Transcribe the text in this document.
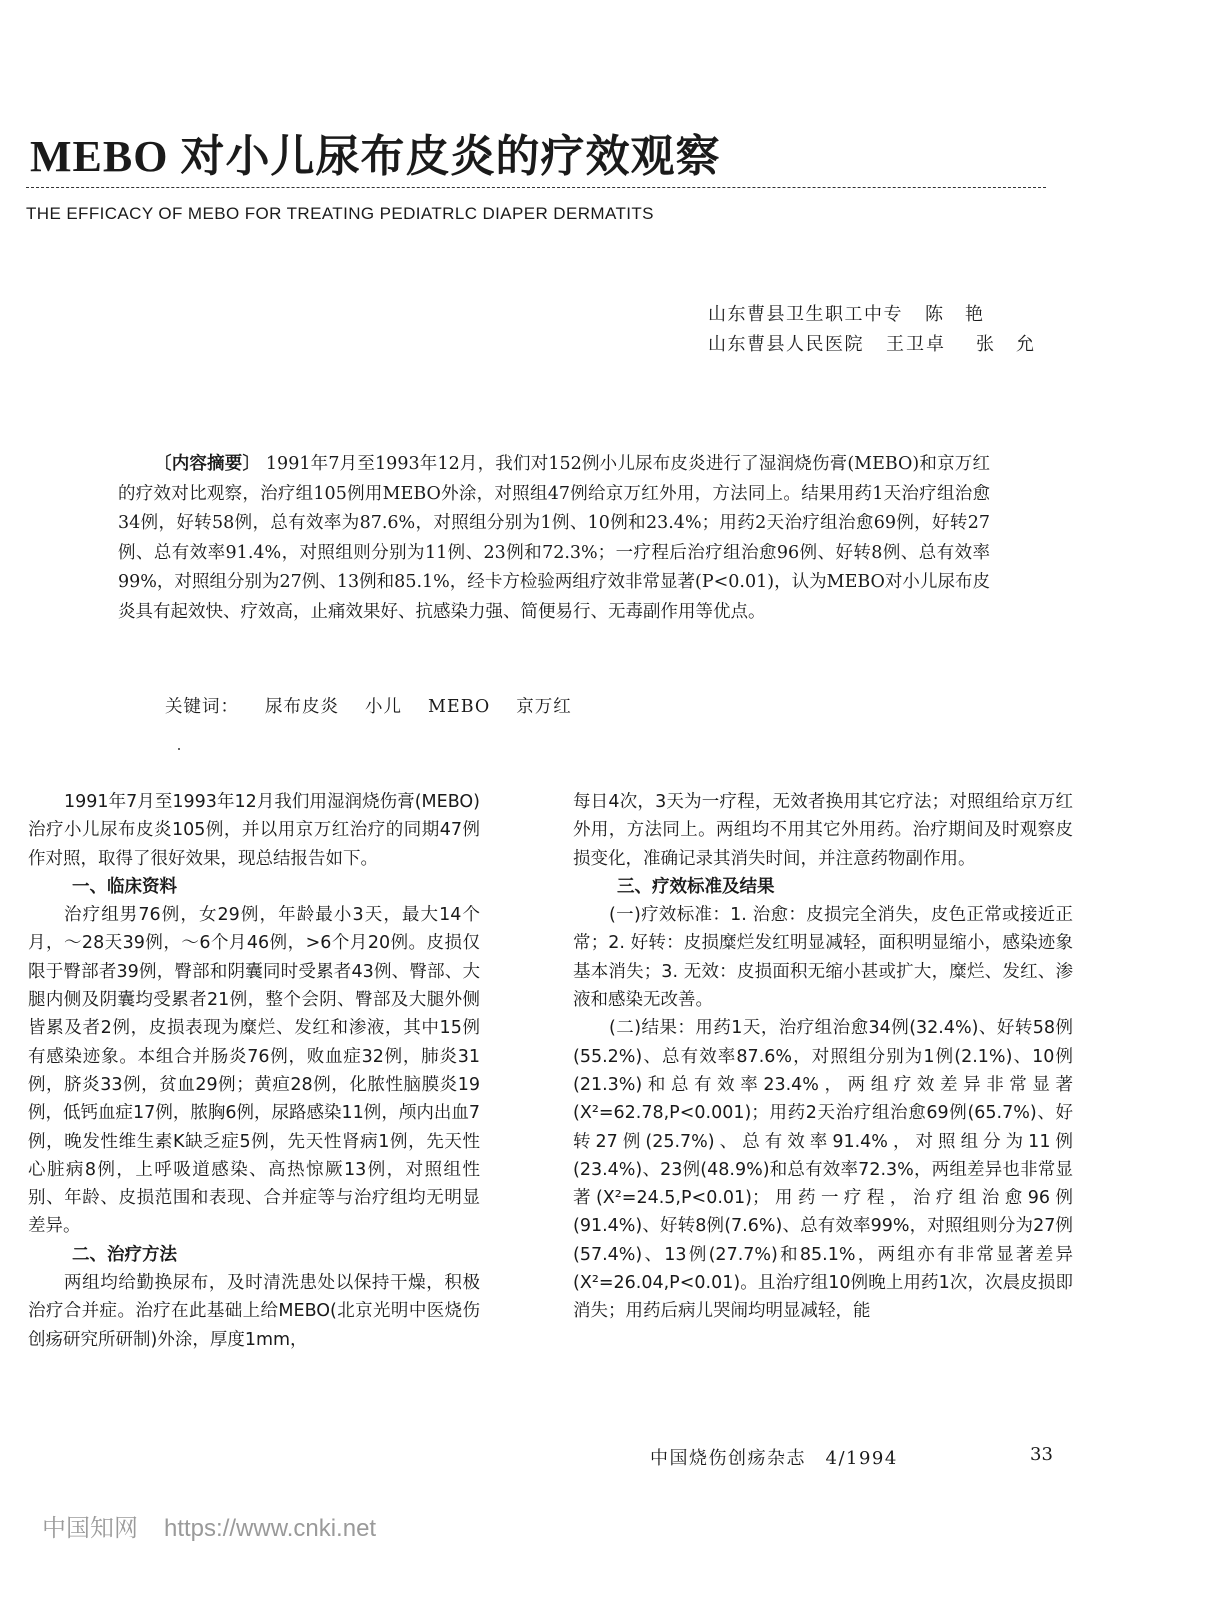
MEBO 对小儿尿布皮炎的疗效观察
THE EFFICACY OF MEBO FOR TREATING PEDIATRLC DIAPER DERMATITS
山东曹县卫生职工中专 陈　艳
山东曹县人民医院 王卫卓 张　允

〔内容摘要〕 1991年7月至1993年12月，我们对152例小儿尿布皮炎进行了湿润烧伤膏(MEBO)和京万红的疗效对比观察，治疗组105例用MEBO外涂，对照组47例给京万红外用，方法同上。结果用药1天治疗组治愈34例，好转58例，总有效率为87.6%，对照组分别为1例、10例和23.4%；用药2天治疗组治愈69例，好转27例、总有效率91.4%，对照组则分别为11例、23例和72.3%；一疗程后治疗组治愈96例、好转8例、总有效率99%，对照组分别为27例、13例和85.1%，经卡方检验两组疗效非常显著(P<0.01)，认为MEBO对小儿尿布皮炎具有起效快、疗效高，止痛效果好、抗感染力强、简便易行、无毒副作用等优点。

关键词： 尿布皮炎 小儿 MEBO 京万红

1991年7月至1993年12月我们用湿润烧伤膏(MEBO)治疗小儿尿布皮炎105例，并以用京万红治疗的同期47例作对照，取得了很好效果，现总结报告如下。

一、临床资料

治疗组男76例，女29例，年龄最小3天，最大14个月，～28天39例，～6个月46例，>6个月20例。皮损仅限于臀部者39例，臀部和阴囊同时受累者43例、臀部、大腿内侧及阴囊均受累者21例，整个会阴、臀部及大腿外侧皆累及者2例，皮损表现为糜烂、发红和渗液，其中15例有感染迹象。本组合并肠炎76例，败血症32例，肺炎31例，脐炎33例，贫血29例；黄疸28例，化脓性脑膜炎19例，低钙血症17例，脓胸6例，尿路感染11例，颅内出血7例，晚发性维生素K缺乏症5例，先天性肾病1例，先天性心脏病8例，上呼吸道感染、高热惊厥13例，对照组性别、年龄、皮损范围和表现、合并症等与治疗组均无明显差异。

二、治疗方法

两组均给勤换尿布，及时清洗患处以保持干燥，积极治疗合并症。治疗在此基础上给MEBO(北京光明中医烧伤创疡研究所研制)外涂，厚度1mm，

每日4次，3天为一疗程，无效者换用其它疗法；对照组给京万红外用，方法同上。两组均不用其它外用药。治疗期间及时观察皮损变化，准确记录其消失时间，并注意药物副作用。

三、疗效标准及结果

(一)疗效标准：1. 治愈：皮损完全消失，皮色正常或接近正常；2. 好转：皮损糜烂发红明显减轻，面积明显缩小，感染迹象基本消失；3. 无效：皮损面积无缩小甚或扩大，糜烂、发红、渗液和感染无改善。

(二)结果：用药1天，治疗组治愈34例(32.4%)、好转58例(55.2%)、总有效率87.6%，对照组分别为1例(2.1%)、10例(21.3%)和总有效率23.4%，两组疗效差异非常显著(X²=62.78,P<0.001)；用药2天治疗组治愈69例(65.7%)、好转27例(25.7%)、总有效率91.4%，对照组分为11例(23.4%)、23例(48.9%)和总有效率72.3%，两组差异也非常显著(X²=24.5,P<0.01)；用药一疗程，治疗组治愈96例(91.4%)、好转8例(7.6%)、总有效率99%，对照组则分为27例(57.4%)、13例(27.7%)和85.1%，两组亦有非常显著差异(X²=26.04,P<0.01)。且治疗组10例晚上用药1次，次晨皮损即消失；用药后病儿哭闹均明显减轻，能

中国烧伤创疡杂志　4/1994	33
中国知网 https://www.cnki.net
